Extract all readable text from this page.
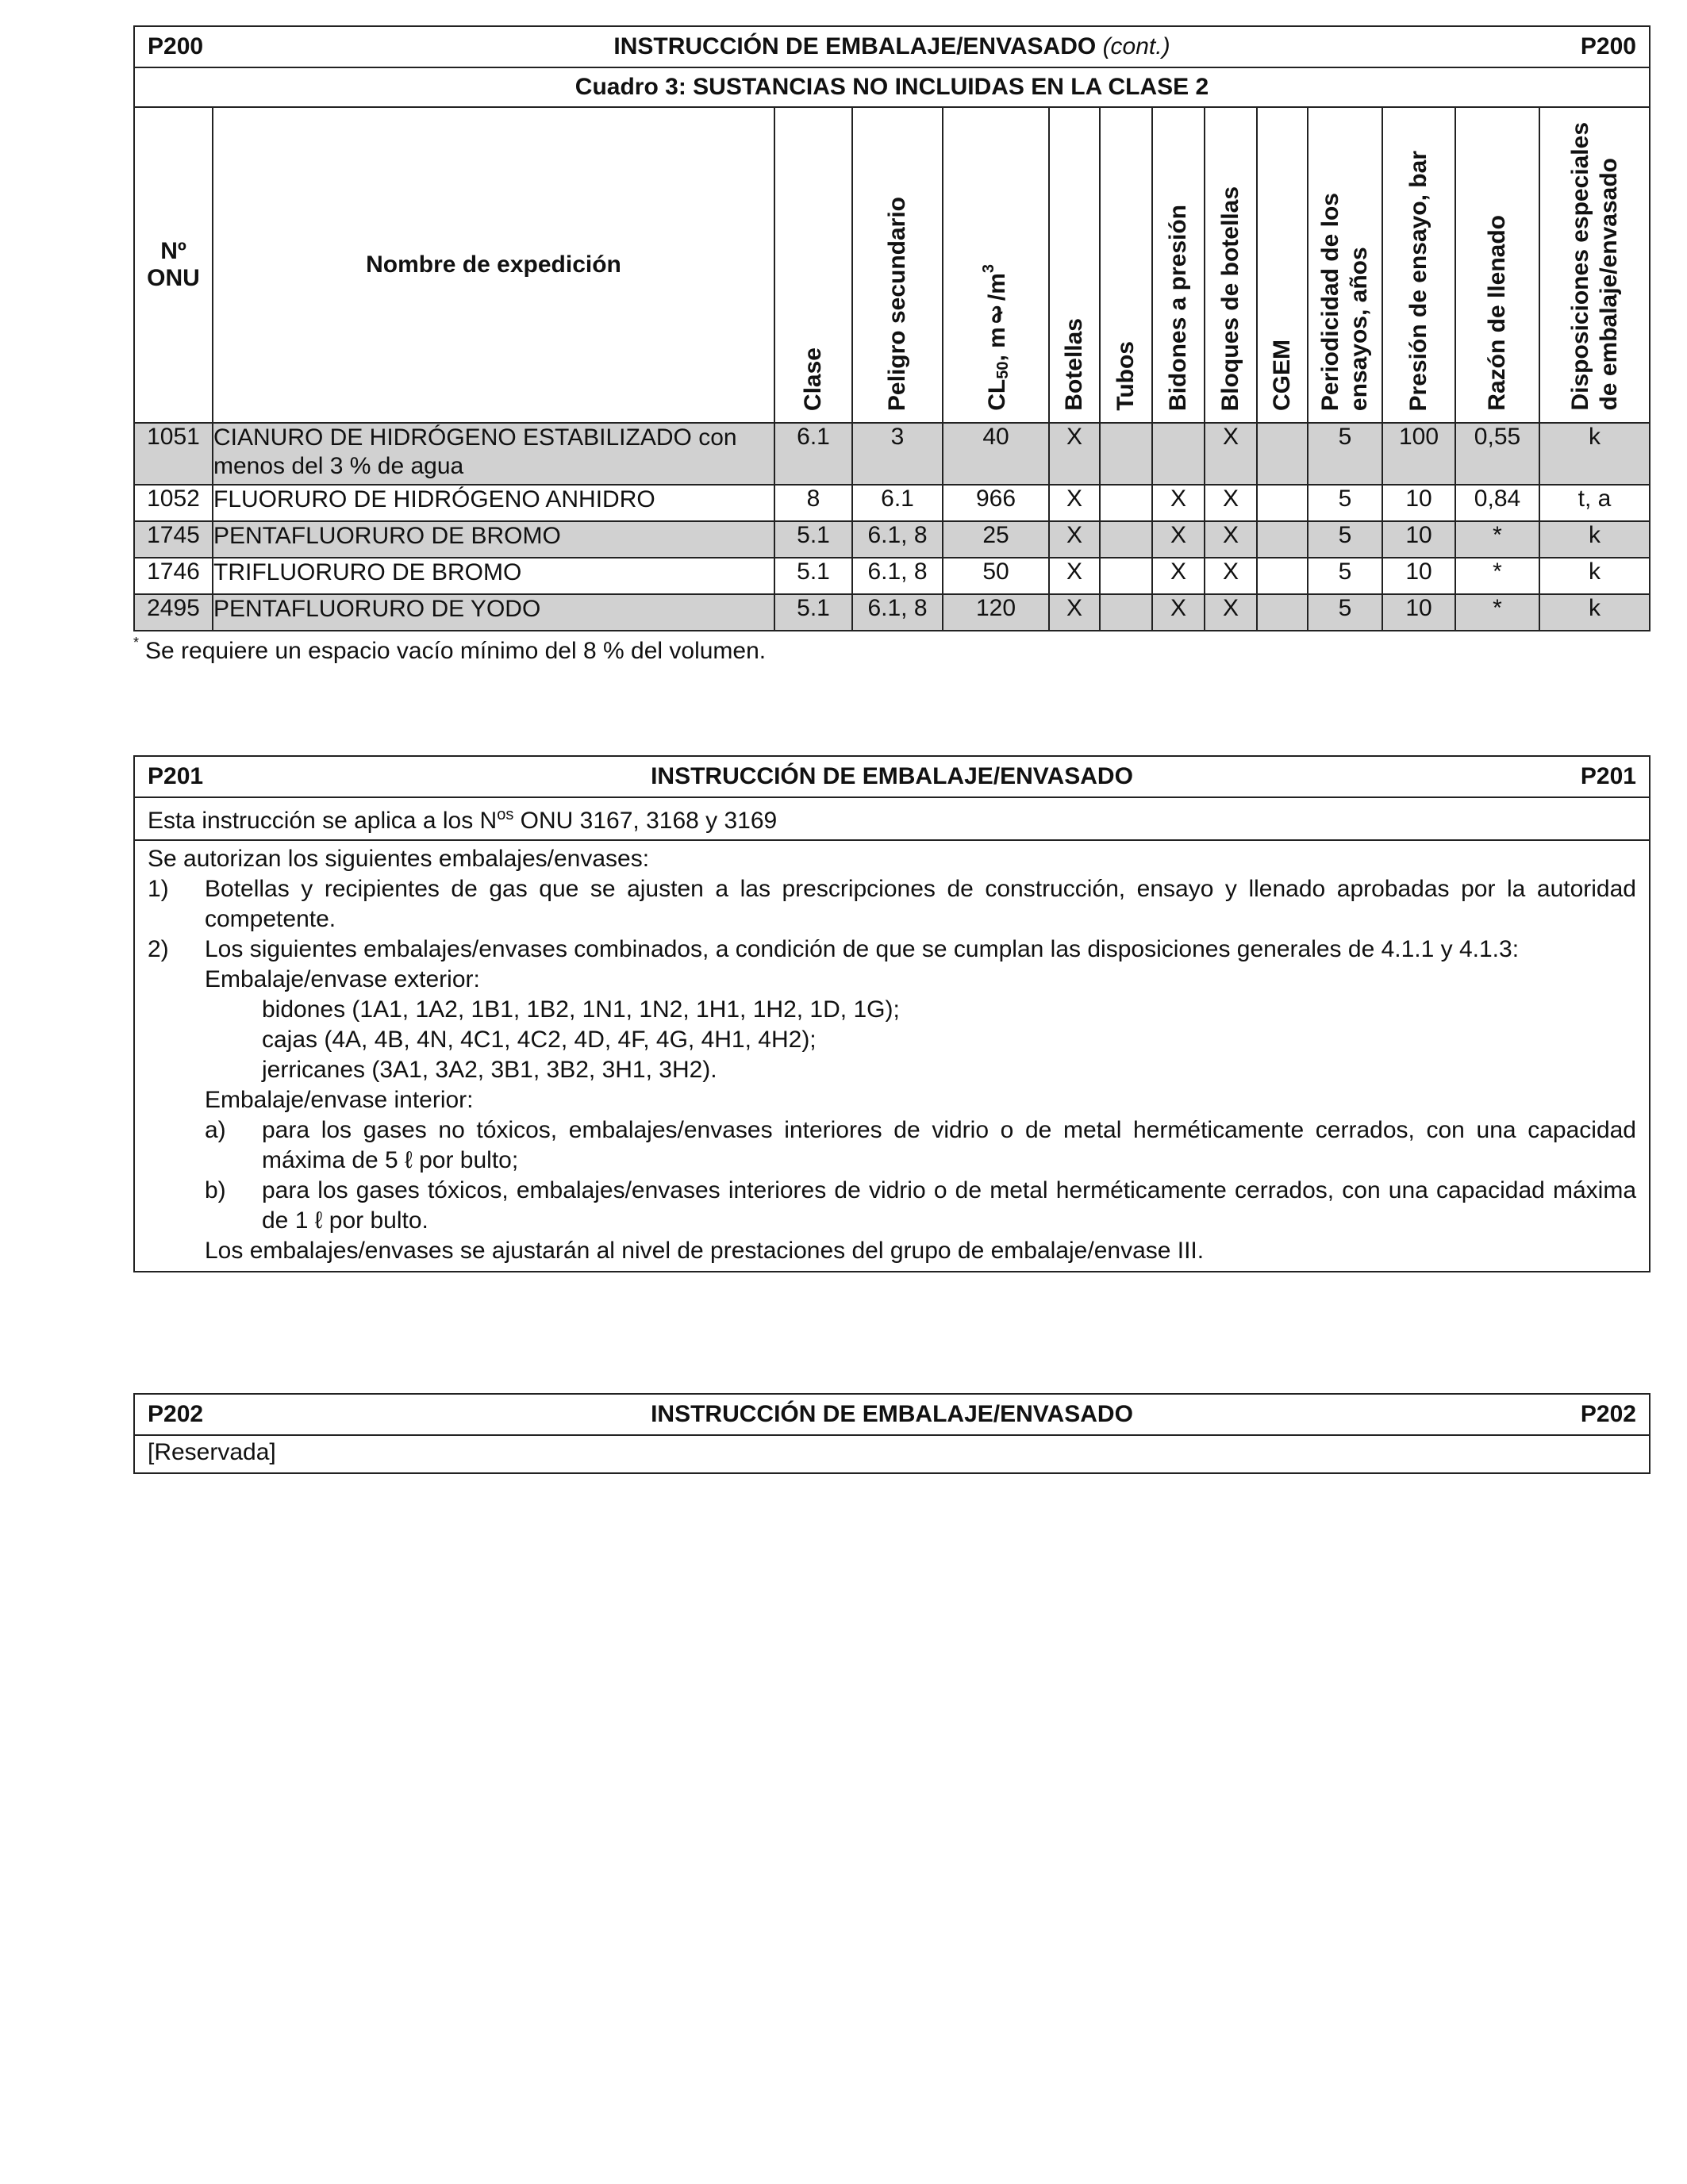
P200	INSTRUCCIÓN DE EMBALAJE/ENVASADO (cont.)	P200
Cuadro 3: SUSTANCIAS NO INCLUIDAS EN LA CLASE 2
Nº
ONU	Nombre de expedición	Clase	Peligro secundario	$CL_{50}$, $m\ell/m^3$	Botellas	Tubos	Bidones a presión	Bloques de botellas	CGEM	Periodicidad de los ensayos, años	Presión de ensayo, bar	Razón de llenado	Disposiciones especiales de embalaje/envasado

1051	CIANURO DE HIDRÓGENO ESTABILIZADO con
menos del 3 % de agua	6.1	3	40	X			X		5	100	0,55	k
1052	FLUORURO DE HIDRÓGENO ANHIDRO	8	6.1	966	X		X	X		5	10	0,84	t, a
1745	PENTAFLUORURO DE BROMO	5.1	6.1, 8	25	X		X	X		5	10	*	k
1746	TRIFLUORURO DE BROMO	5.1	6.1, 8	50	X		X	X		5	10	*	k
2495	PENTAFLUORURO DE YODO	5.1	6.1, 8	120	X		X	X		5	10	*	k
* Se requiere un espacio vacío mínimo del 8 % del volumen.
P201	INSTRUCCIÓN DE EMBALAJE/ENVASADO	P201
Esta instrucción se aplica a los $N^{os}$ ONU 3167, 3168 y 3169
Se autorizan los siguientes embalajes/envases:
1)	Botellas y recipientes de gas que se ajusten a las prescripciones de construcción, ensayo y llenado aprobadas por la autoridad competente.
2)	Los siguientes embalajes/envases combinados, a condición de que se cumplan las disposiciones generales de 4.1.1 y 4.1.3:
Embalaje/envase exterior:
bidones (1A1, 1A2, 1B1, 1B2, 1N1, 1N2, 1H1, 1H2, 1D, 1G);
cajas (4A, 4B, 4N, 4C1, 4C2, 4D, 4F, 4G, 4H1, 4H2);
jerricanes (3A1, 3A2, 3B1, 3B2, 3H1, 3H2).
Embalaje/envase interior:
a)	para los gases no tóxicos, embalajes/envases interiores de vidrio o de metal herméticamente cerrados, con una capacidad máxima de 5 ℓ por bulto;
b)	para los gases tóxicos, embalajes/envases interiores de vidrio o de metal herméticamente cerrados, con una capacidad máxima de 1 ℓ por bulto.
Los embalajes/envases se ajustarán al nivel de prestaciones del grupo de embalaje/envase III.
P202	INSTRUCCIÓN DE EMBALAJE/ENVASADO	P202
[Reservada]
